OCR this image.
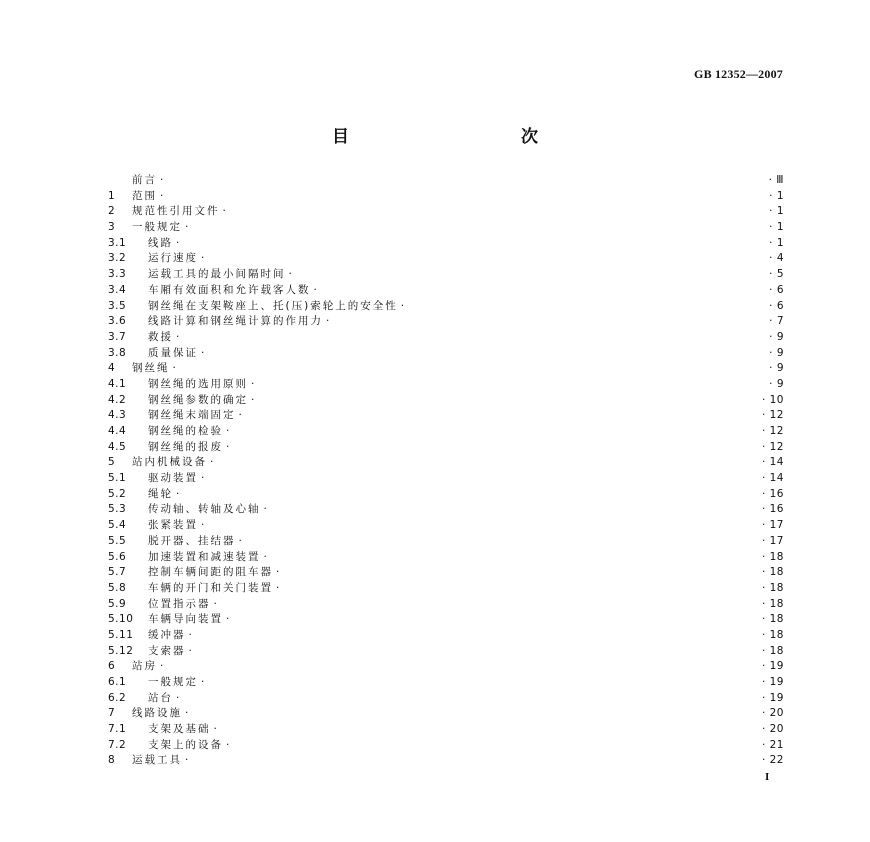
GB 12352—2007
目　　次
前言 ·	· Ⅲ
1 范围 ·	· 1
2 规范性引用文件 ·	· 1
3 一般规定 ·	· 1
3.1 线路 ·	· 1
3.2 运行速度 ·	· 4
3.3 运载工具的最小间隔时间 ·	· 5
3.4 车厢有效面积和允许载客人数 ·	· 6
3.5 钢丝绳在支架鞍座上、托(压)索轮上的安全性 ·	· 6
3.6 线路计算和钢丝绳计算的作用力 ·	· 7
3.7 救援 ·	· 9
3.8 质量保证 ·	· 9
4 钢丝绳 ·	· 9
4.1 钢丝绳的选用原则 ·	· 9
4.2 钢丝绳参数的确定 ·	· 10
4.3 钢丝绳末端固定 ·	· 12
4.4 钢丝绳的检验 ·	· 12
4.5 钢丝绳的报废 ·	· 12
5 站内机械设备 ·	· 14
5.1 驱动装置 ·	· 14
5.2 绳轮 ·	· 16
5.3 传动轴、转轴及心轴 ·	· 16
5.4 张紧装置 ·	· 17
5.5 脱开器、挂结器 ·	· 17
5.6 加速装置和减速装置 ·	· 18
5.7 控制车辆间距的阻车器 ·	· 18
5.8 车辆的开门和关门装置 ·	· 18
5.9 位置指示器 ·	· 18
5.10 车辆导向装置 ·	· 18
5.11 缓冲器 ·	· 18
5.12 支索器 ·	· 18
6 站房 ·	· 19
6.1 一般规定 ·	· 19
6.2 站台 ·	· 19
7 线路设施 ·	· 20
7.1 支架及基础 ·	· 20
7.2 支架上的设备 ·	· 21
8 运载工具 ·	· 22
I
